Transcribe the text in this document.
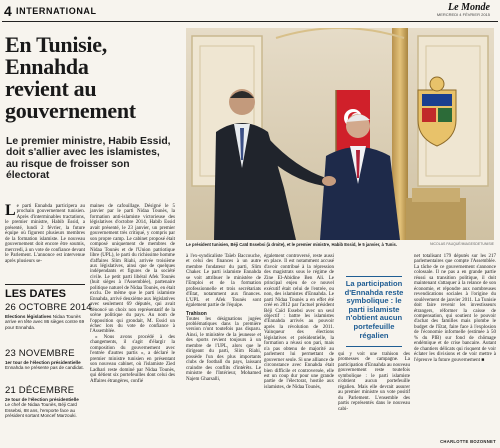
4 INTERNATIONAL	Le Monde
MERCREDI 4 FÉVRIER 2015
En Tunisie,
Ennahda
revient au
gouvernement
Le premier ministre, Habib Essid, doit s'allier avec les islamistes, au risque de froisser son électorat
Le président tunisien, Béji Caïd Essebsi (à droite), et le premier ministre, Habib Essid, le 5 janvier, à Tunis.	NICOLAS FAUQUÉ/IMAGESDETUNISIE
Le parti Ennahda participera au prochain gouvernement tunisien. Après d'interminables tractations, le premier ministre, Habib Essid, a présenté, lundi 2 février, la future équipe où figurent plusieurs membres de la formation islamiste. Le nouveau gouvernement doit encore être soumis, mercredi, à un vote de confiance devant le Parlement. L'annonce est intervenue après plusieurs se-
LES DATES
26 OCTOBRE 2014
Elections législatives Nidaa Tounès arrive en tête avec 86 sièges contre 69 pour Ennahda.
23 NOVEMBRE
1er tour de l'élection présidentielle Ennahda ne présente pas de candidat.
21 DÉCEMBRE
2e tour de l'élection présidentielle Le chef de Nidaa Tounès, Béji Caïd Essebsi, 88 ans, l'emporte face au président sortant Moncef Marzouki.
maines de cafouillage. Désigné le 5 janvier par le parti Nidaa Tounès, la formation anti-islamiste victorieuse des législatives d'octobre 2014, Habib Essid avait présenté, le 23 janvier, un premier gouvernement très critiqué, y compris par son propre camp. Le cabinet proposé était composé uniquement de membres de Nidaa Tounès et de l'Union patriotique libre (UPL), le parti du richissime homme d'affaires Slim Riahi, arrivée troisième aux législatives, ainsi que de quelques indépendants et figures de la société civile. Le petit parti libéral Afek Tounès (huit sièges à l'Assemblée), partenaire politique naturel de Nidaa Tounès, en était exclu. De même que le parti islamiste Ennahda, arrivé deuxième aux législatives avec seulement 69 députés, qui avait dénoncé un choix non représentatif de la scène politique du pays. Au nom de l'opposition qui grondait, M. Essid un échec lors du vote de confiance à l'Assemblée.
« Nous avons procédé à des changements, il s'agit d'élargir la composition du gouvernement avec l'entrée d'autres partis », a déclaré le premier ministre tunisien en présentant son nouveau cabinet, où l'islamiste Zied Ladhari reste dominé par Nidaa Tounès, qui détient six portefeuilles dont celui des Affaires étrangères, confié
à l'ex-syndicaliste Taïeb Baccouche, et celui des finances à un autre membre fondateur du parti, Slim Chaker. Le parti islamiste Ennahda se voit attribuer le ministère de l'Emploi et de la formation professionnelle et trois secrétariats d'Etat, notamment aux finances. L'UPL et Afek Tounès sont également partie de l'équipe.
Trahison
Toutes les désignations jugées problématiques dans la première version n'ont toutefois pas disparu. Ainsi, le ministère de la jeunesse et des sports revient toujours à un membre de l'UPL, alors que le dirigeant du parti, Slim Riahi, possède l'un des plus importants clubs de football du pays, laissant craindre des conflits d'intérêts. Le ministre de l'Intérieur, Mohamed Najem Gharsalli,
également controversé, reste aussi en place. Il est notamment accusé d'avoir contribué à la répression des magistrats sous le régime de Zine El-Abidine Ben Ali. Le principal enjeu de ce nouvel exécutif était celui de l'entrée, ou non, des islamistes d'Ennahda. Le parti Nidaa Tounès a en effet été créé en 2012 par l'actuel président Béji Caïd Essebsi avec un seul objectif : battre les islamistes d'Ennahda arrivés au pouvoir après la révolution de 2011. Vainqueur des élections législatives et présidentielle, la formation a réussi son pari, mais n'a pas obtenu de majorité au parlement lui permettant de gouverner seule. Si une alliance de circonstance avec Ennahda était bien difficile et controversée, elle est un coup dur pour une grande partie de l'électorat, hostile aux islamistes, de Nidaa Tounès,
La participation d'Ennahda reste symbolique : le parti islamiste n'obtient aucun portefeuille régalien
qui y voit une trahison des promesses de campagne. La participation d'Ennahda au nouveau gouvernement reste toutefois symbolique : le parti islamiste n'obtient aucun portefeuille régalien. Mais elle devrait assurer au premier ministre un vote positif du Parlement. L'ensemble des partis représentés dans le nouveau cabi-
net totalisant 179 députés sur les 217 parlementaires que compte l'Assemblée. La tâche de ce gouvernement s'annonce colossale. Il ne pas a en grande partie réussi sa transition politique, il doit maintenant s'attaquer à la relance de son économie, et répondre aux nombreuses revendications sociales à l'origine du soulèvement de janvier 2011. La Tunisie doit faire revenir les investisseurs étrangers, réformer la caisse de compensation, qui soutient le pouvoir d'achat des familles mais plombe le budget de l'Etat, faire face à l'explosion de l'économie informelle (estimée à 50 % du PIB) sur fond de chômage endémique et de crise bancaire. Autant de chantiers délicats qui risquent de voir éclater les divisions et de voir mettre à l'épreuve la future gouvernement ■
CHARLOTTE BOZONNET
